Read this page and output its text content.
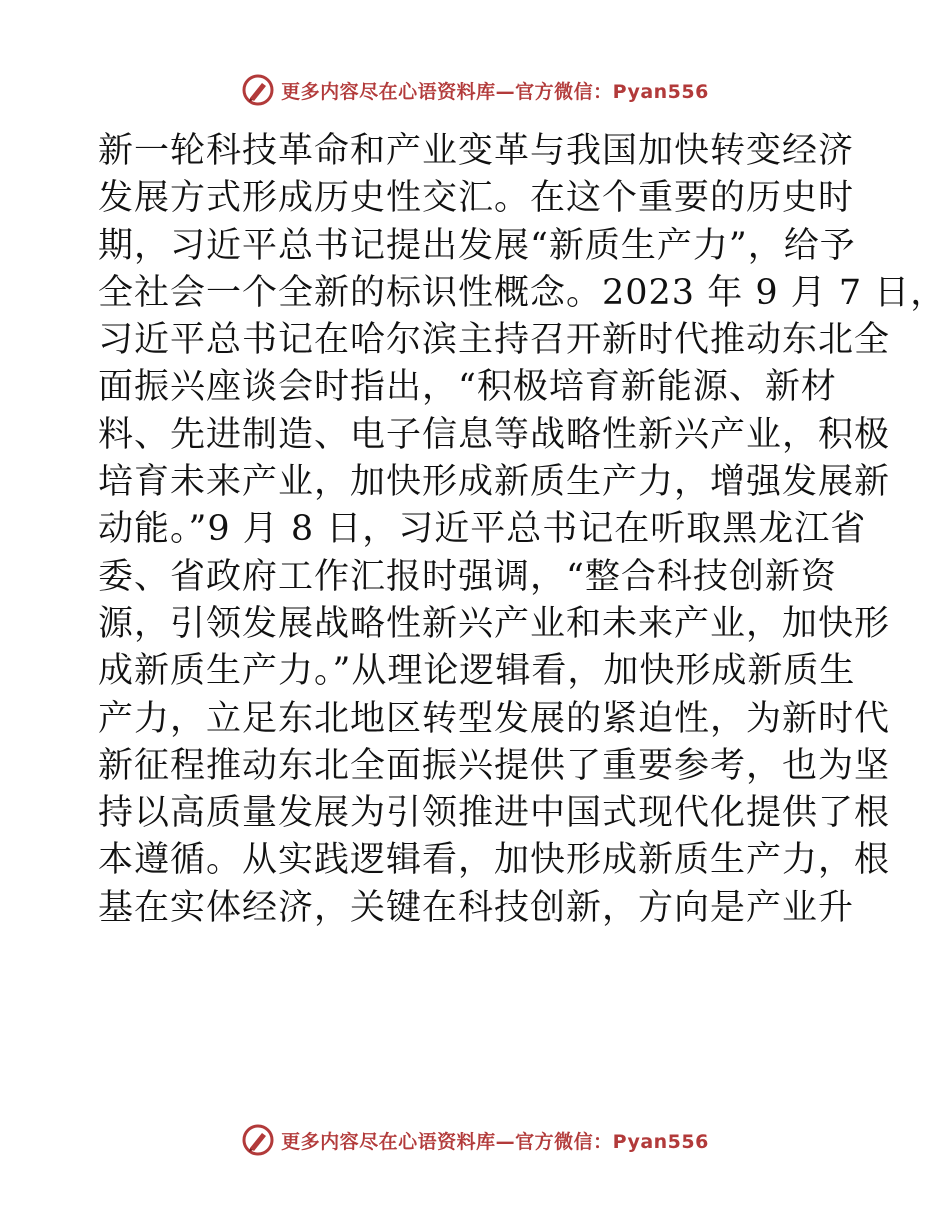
更多内容尽在心语资料库—官方微信：Pyan556
新一轮科技革命和产业变革与我国加快转变经济
发展方式形成历史性交汇。在这个重要的历史时
期，习近平总书记提出发展“新质生产力”，给予
全社会一个全新的标识性概念。2023 年 9 月 7 日，
习近平总书记在哈尔滨主持召开新时代推动东北全
面振兴座谈会时指出，“积极培育新能源、新材
料、先进制造、电子信息等战略性新兴产业，积极
培育未来产业，加快形成新质生产力，增强发展新
动能。”9 月 8 日，习近平总书记在听取黑龙江省
委、省政府工作汇报时强调，“整合科技创新资
源，引领发展战略性新兴产业和未来产业，加快形
成新质生产力。”从理论逻辑看，加快形成新质生
产力，立足东北地区转型发展的紧迫性，为新时代
新征程推动东北全面振兴提供了重要参考，也为坚
持以高质量发展为引领推进中国式现代化提供了根
本遵循。从实践逻辑看，加快形成新质生产力，根
基在实体经济，关键在科技创新，方向是产业升
更多内容尽在心语资料库—官方微信：Pyan556
